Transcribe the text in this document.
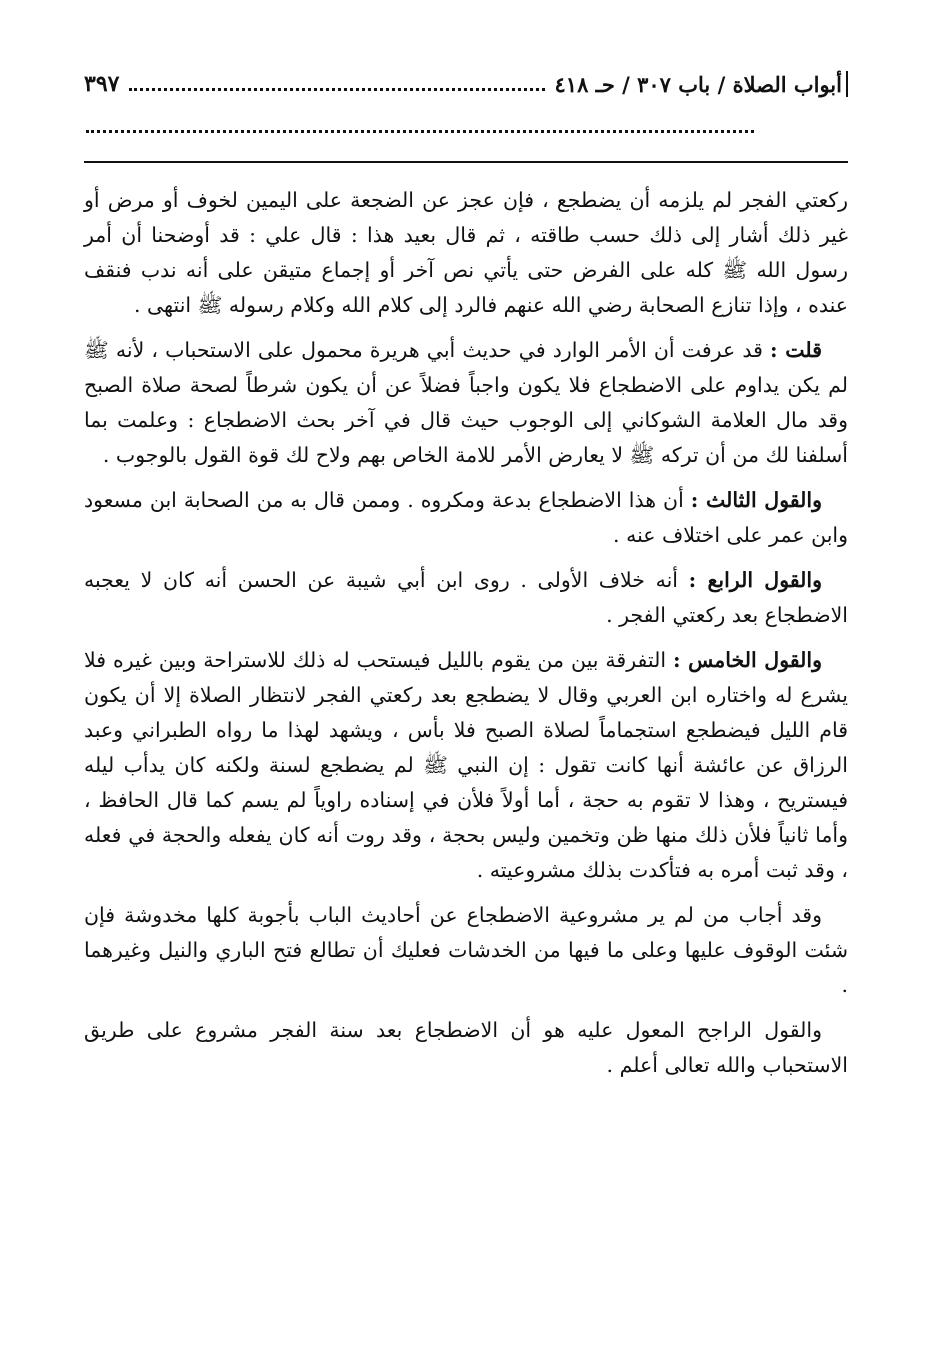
أبواب الصلاة / باب ٣٠٧ / حـ ٤١٨
٣٩٧

ركعتي الفجر لم يلزمه أن يضطجع ، فإن عجز عن الضجعة على اليمين لخوف أو مرض أو غير ذلك أشار إلى ذلك حسب طاقته ، ثم قال بعيد هذا : قال علي : قد أوضحنا أن أمر رسول الله ﷺ كله على الفرض حتى يأتي نص آخر أو إجماع متيقن على أنه ندب فنقف عنده ، وإذا تنازع الصحابة رضي الله عنهم فالرد إلى كلام الله وكلام رسوله ﷺ انتهى .

قلت : قد عرفت أن الأمر الوارد في حديث أبي هريرة محمول على الاستحباب ، لأنه ﷺ لم يكن يداوم على الاضطجاع فلا يكون واجباً فضلاً عن أن يكون شرطاً لصحة صلاة الصبح وقد مال العلامة الشوكاني إلى الوجوب حيث قال في آخر بحث الاضطجاع : وعلمت بما أسلفنا لك من أن تركه ﷺ لا يعارض الأمر للامة الخاص بهم ولاح لك قوة القول بالوجوب .

والقول الثالث : أن هذا الاضطجاع بدعة ومكروه . وممن قال به من الصحابة ابن مسعود وابن عمر على اختلاف عنه .

والقول الرابع : أنه خلاف الأولى . روى ابن أبي شيبة عن الحسن أنه كان لا يعجبه الاضطجاع بعد ركعتي الفجر .

والقول الخامس : التفرقة بين من يقوم بالليل فيستحب له ذلك للاستراحة وبين غيره فلا يشرع له واختاره ابن العربي وقال لا يضطجع بعد ركعتي الفجر لانتظار الصلاة إلا أن يكون قام الليل فيضطجع استجماماً لصلاة الصبح فلا بأس ، ويشهد لهذا ما رواه الطبراني وعبد الرزاق عن عائشة أنها كانت تقول : إن النبي ﷺ لم يضطجع لسنة ولكنه كان يدأب ليله فيستريح ، وهذا لا تقوم به حجة ، أما أولاً فلأن في إسناده راوياً لم يسم كما قال الحافظ ، وأما ثانياً فلأن ذلك منها ظن وتخمين وليس بحجة ، وقد روت أنه كان يفعله والحجة في فعله ، وقد ثبت أمره به فتأكدت بذلك مشروعيته .

وقد أجاب من لم ير مشروعية الاضطجاع عن أحاديث الباب بأجوبة كلها مخدوشة فإن شئت الوقوف عليها وعلى ما فيها من الخدشات فعليك أن تطالع فتح الباري والنيل وغيرهما .

والقول الراجح المعول عليه هو أن الاضطجاع بعد سنة الفجر مشروع على طريق الاستحباب والله تعالى أعلم .
